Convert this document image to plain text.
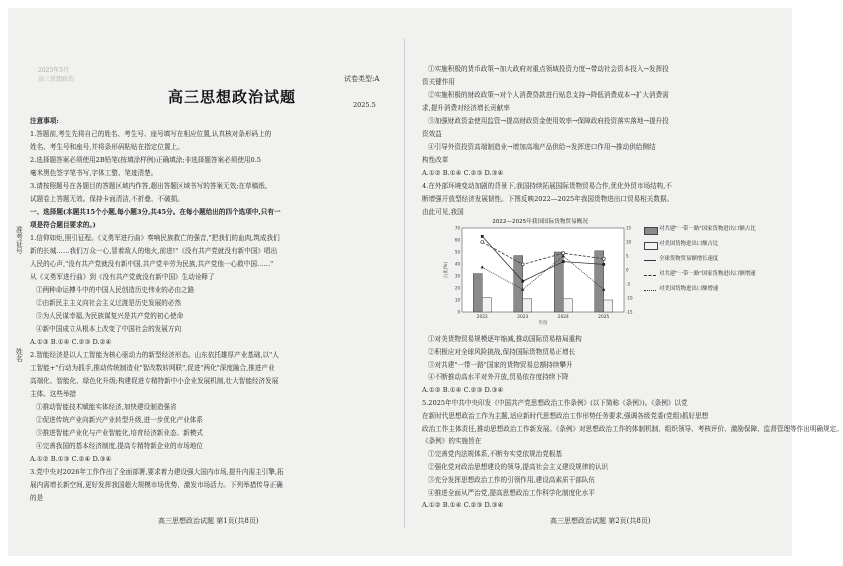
2025年5月
高三思想政治	试卷类型:A
高三思想政治试题	2025.5
准考证号
姓名
注意事项:
1.答题前,考生先将自己的姓名、考生号、座号填写在相应位置,认真核对条形码上的
姓名、考生号和座号,并将条形码粘贴在指定位置上。
2.选择题答案必须使用2B铅笔(按填涂样例)正确填涂;非选择题答案必须使用0.5
毫米黑色签字笔书写,字体工整、笔迹清楚。
3.请按照题号在各题目的答题区域内作答,超出答题区域书写的答案无效;在草稿纸、
试题卷上答题无效。保持卡面清洁,不折叠、不破损。
一、选择题(本题共15个小题,每小题3分,共45分。在每小题给出的四个选项中,只有一
项是符合题目要求的。)
1.信仰如炬,照引征程。《义勇军进行曲》奏响民族救亡的强音,"把我们的血肉,筑成我们
新的长城……我们万众一心,冒着敌人的炮火,前进!"《没有共产党就没有新中国》唱出
人民的心声,"没有共产党就没有新中国,共产党辛劳为民族,共产党他一心救中国……"
从《义勇军进行曲》到《没有共产党就没有新中国》生动诠释了
①两种命运搏斗中的中国人民创造历史伟业的必由之路
②由新民主主义向社会主义过渡是历史发展的必然
③为人民谋幸福,为民族谋复兴是共产党的初心使命
④新中国成立从根本上改变了中国社会的发展方向
A.①③ B.①④ C.②③ D.②④
2.智能经济是以人工智能为核心驱动力的新型经济形态。山东依托雄厚产业基础,以"人
工智能+"行动为抓手,推动传统制造业"智改数转网联",促进"两化"深度融合,推进产业
高端化、智能化、绿色化升级;构建促进专精特新中小企业发展机制,壮大智能经济发展
主体。这些举措
①推动智能技术赋能实体经济,加快建设制造强省
②促进传统产业向新兴产业转型升级,进一步优化产业体系
③推进智能产业化与产业智能化,培育经济新业态、新模式
④完善我国的基本经济制度,提高专精特新企业的市场地位
A.①② B.①③ C.②④ D.③④
3.党中央对2026年工作作出了全面部署,要求着力建设强大国内市场,提升内需主引擎,拓
展内需增长新空间,更好发挥我国超大规模市场优势、激发市场活力。下列举措传导正确
的是
高三思想政治试题 第1页(共8页)
①实施积极的货币政策→加大政府对重点领域投资力度→带动社会资本投入→发挥投
资关键作用
②实施积极的财政政策→对个人消费贷款进行贴息支持→降低消费成本→扩大消费需
求,提升消费对经济增长贡献率
③加强财政资金使用监管→提高财政资金使用效率→保障政府投资落实落地→提升投
资效益
④引导外资投资高端制造业→增加高端产品供给→发挥进口作用→推动供给侧结
构性改革
A.①② B.①④ C.②③ D.③④
4.在外部环境变动加剧的背景下,我国持续拓展国际货物贸易合作,优化外贸市场结构,不
断增强开放型经济发展韧性。下图反映2022—2025年我国货物进出口贸易相关数据。
由此可见,我国
①对美货物贸易规模逐年缩减,推动国际贸易格局重构
②积极应对全球风险挑战,保持国际货物贸易正增长
③对共建"一带一路"国家的货物贸易总额持续攀升
④不断推动高水平对外开放,贸易依存度持续下降
A.①② B.①④ C.②③ D.③④
5.2025年中共中央印发《中国共产党思想政治工作条例》(以下简称《条例》)。《条例》以党
在新时代思想政治工作为主题,适应新时代思想政治工作形势任务要求,强调各级党委(党组)抓好思想
政治工作主体责任,推动思想政治工作新发展。《条例》对思想政治工作的体制机制、组织领导、考核评价、激励保障、监督管理等作出明确规定。
《条例》的实施旨在
①完善党内法规体系,不断夯实党依规治党根基
②强化党对政治思想建设的领导,提高社会主义建设规律的认识
③充分发挥思想政治工作的引领作用,建设高素质干部队伍
④推进全面从严治党,提高思想政治工作科学化制度化水平
A.①② B.①④ C.②③ D.③④
高三思想政治试题 第2页(共8页)
2022—2025年我国国际货物贸易概况
0
10
20
30
40
50
60
70
-15
-10
-5
0
5
10
15
占比(%)
年份
2022	2023	2024	2025
对共建"一带一路"国家货物进出口额占比
对美国货物进出口额占比
全球货物贸易额增长速度
对共建"一带一路"国家货物进出口额增速
对美国货物进出口额增速
